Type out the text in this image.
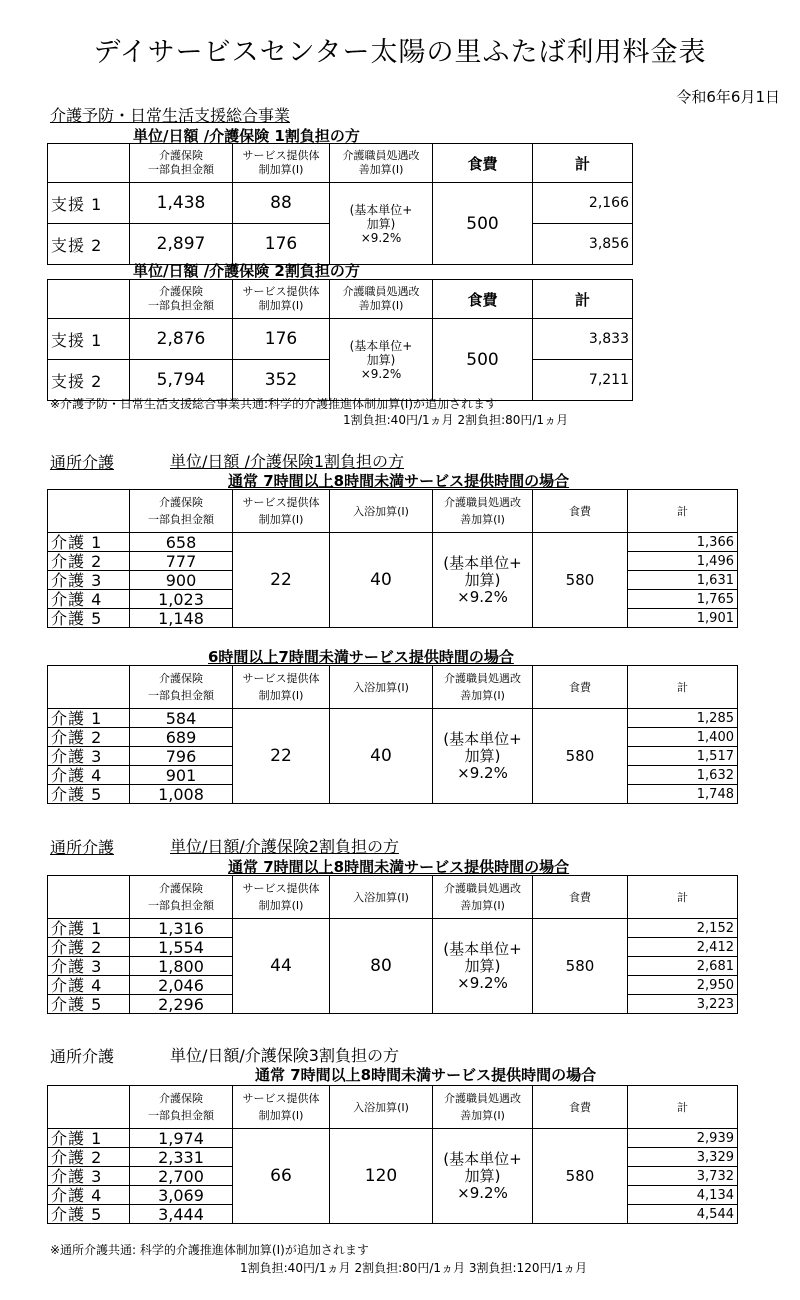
デイサービスセンター太陽の里ふたば利用料金表
令和6年6月1日
介護予防・日常生活支援総合事業
単位/日額 /介護保険 1割負担の方
	介護保険
一部負担金額	サービス提供体
制加算(Ⅰ)	介護職員処遇改
善加算(Ⅰ)	食費	計
支援 1	1,438	88	(基本単位+
加算)
×9.2%	500	2,166
支援 2	2,897	176			3,856
単位/日額 /介護保険 2割負担の方
	介護保険
一部負担金額	サービス提供体
制加算(Ⅰ)	介護職員処遇改
善加算(Ⅰ)	食費	計
支援 1	2,876	176	(基本単位+
加算)
×9.2%	500	3,833
支援 2	5,794	352			7,211
※介護予防・日常生活支援総合事業共通:科学的介護推進体制加算(Ⅰ)が追加されます
1割負担:40円/1ヵ月 2割負担:80円/1ヵ月
通所介護	単位/日額 /介護保険1割負担の方
通常 7時間以上8時間未満サービス提供時間の場合
	介護保険
一部負担金額	サービス提供体
制加算(Ⅰ)	入浴加算(Ⅰ)	介護職員処遇改
善加算(Ⅰ)	食費	計
介護 1	658	22	40	(基本単位+
加算)
×9.2%	580	1,366
介護 2	777					1,496
介護 3	900					1,631
介護 4	1,023					1,765
介護 5	1,148					1,901
6時間以上7時間未満サービス提供時間の場合
	介護保険
一部負担金額	サービス提供体
制加算(Ⅰ)	入浴加算(Ⅰ)	介護職員処遇改
善加算(Ⅰ)	食費	計
介護 1	584	22	40	(基本単位+
加算)
×9.2%	580	1,285
介護 2	689					1,400
介護 3	796					1,517
介護 4	901					1,632
介護 5	1,008					1,748
通所介護	単位/日額/介護保険2割負担の方
通常 7時間以上8時間未満サービス提供時間の場合
	介護保険
一部負担金額	サービス提供体
制加算(Ⅰ)	入浴加算(Ⅰ)	介護職員処遇改
善加算(Ⅰ)	食費	計
介護 1	1,316	44	80	(基本単位+
加算)
×9.2%	580	2,152
介護 2	1,554					2,412
介護 3	1,800					2,681
介護 4	2,046					2,950
介護 5	2,296					3,223
通所介護	単位/日額/介護保険3割負担の方
通常 7時間以上8時間未満サービス提供時間の場合
	介護保険
一部負担金額	サービス提供体
制加算(Ⅰ)	入浴加算(Ⅰ)	介護職員処遇改
善加算(Ⅰ)	食費	計
介護 1	1,974	66	120	(基本単位+
加算)
×9.2%	580	2,939
介護 2	2,331					3,329
介護 3	2,700					3,732
介護 4	3,069					4,134
介護 5	3,444					4,544
※通所介護共通: 科学的介護推進体制加算(Ⅰ)が追加されます
1割負担:40円/1ヵ月 2割負担:80円/1ヵ月 3割負担:120円/1ヵ月
